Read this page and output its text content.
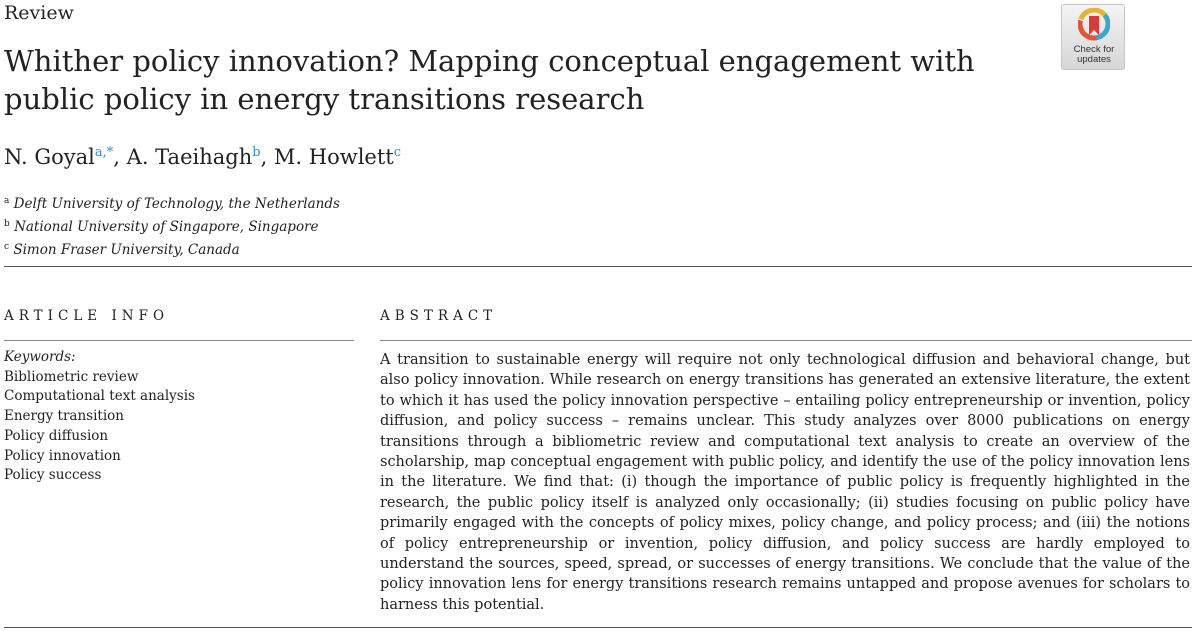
Review
Whither policy innovation? Mapping conceptual engagement with public policy in energy transitions research
Check for
updates
N. Goyal$^{a,*}$, A. Taeihagh$^b$, M. Howlett$^c$
$^a$ Delft University of Technology, the Netherlands
$^b$ National University of Singapore, Singapore
$^c$ Simon Fraser University, Canada
ARTICLE INFO	ABSTRACT
Keywords:
Bibliometric review
Computational text analysis
Energy transition
Policy diffusion
Policy innovation
Policy success

A transition to sustainable energy will require not only technological diffusion and behavioral change, but also policy innovation. While research on energy transitions has generated an extensive literature, the extent to which it has used the policy innovation perspective – entailing policy entrepreneurship or invention, policy diffusion, and policy success – remains unclear. This study analyzes over 8000 publications on energy transitions through a bibliometric review and computational text analysis to create an overview of the scholarship, map conceptual engagement with public policy, and identify the use of the policy innovation lens in the literature. We find that: (i) though the importance of public policy is frequently highlighted in the research, the public policy itself is analyzed only occasionally; (ii) studies focusing on public policy have primarily engaged with the concepts of policy mixes, policy change, and policy process; and (iii) the notions of policy entrepreneurship or invention, policy diffusion, and policy success are hardly employed to understand the sources, speed, spread, or successes of energy transitions. We conclude that the value of the policy innovation lens for energy transitions research remains untapped and propose avenues for scholars to harness this potential.
